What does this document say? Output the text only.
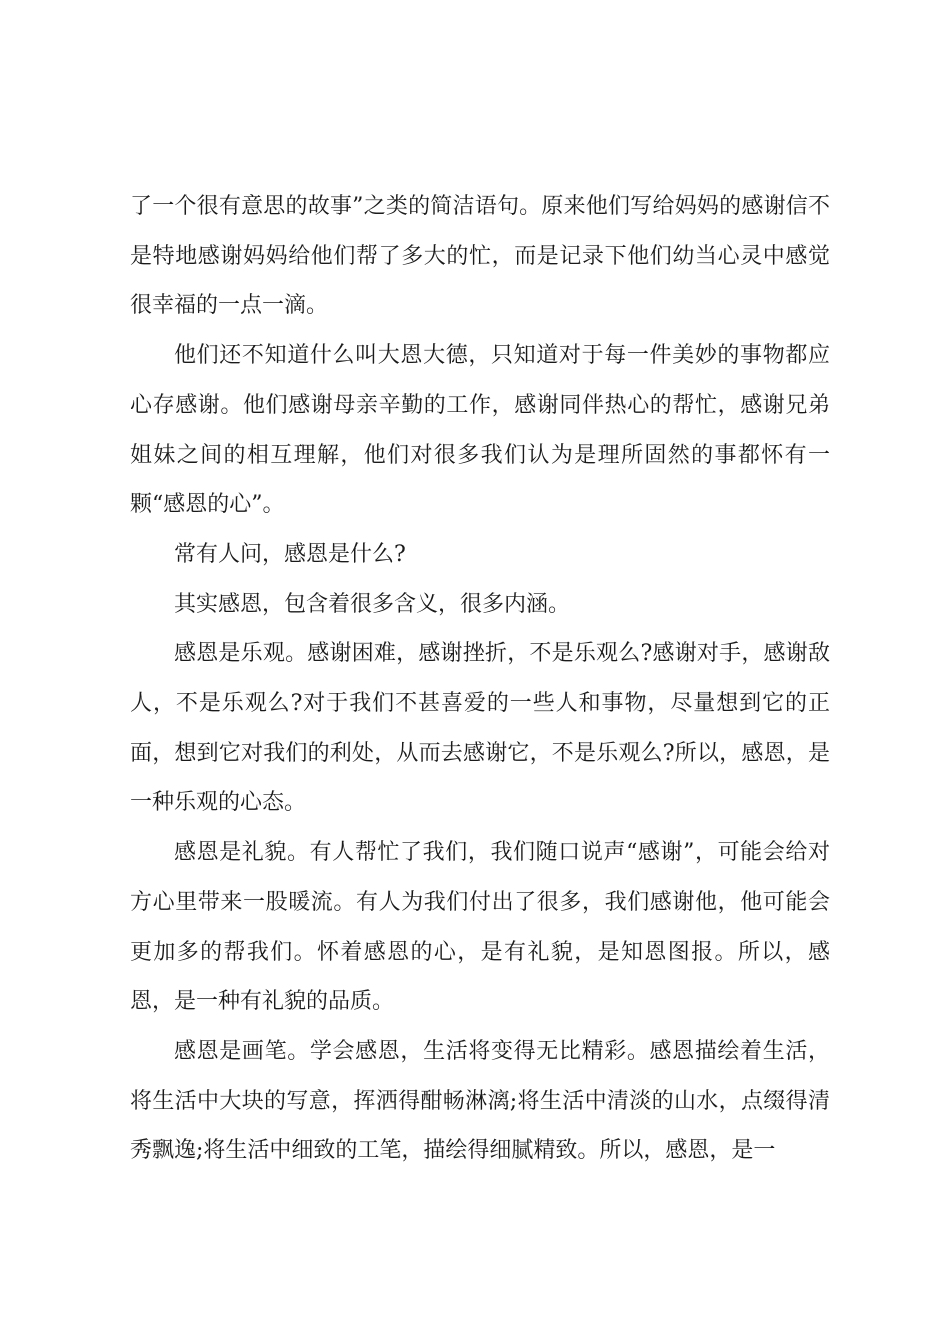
了一个很有意思的故事”之类的简洁语句。原来他们写给妈妈的感谢信不是特地感谢妈妈给他们帮了多大的忙，而是记录下他们幼当心灵中感觉很幸福的一点一滴。

他们还不知道什么叫大恩大德，只知道对于每一件美妙的事物都应心存感谢。他们感谢母亲辛勤的工作，感谢同伴热心的帮忙，感谢兄弟姐妹之间的相互理解，他们对很多我们认为是理所固然的事都怀有一颗“感恩的心”。

常有人问，感恩是什么?

其实感恩，包含着很多含义，很多内涵。

感恩是乐观。感谢困难，感谢挫折，不是乐观么?感谢对手，感谢敌人，不是乐观么?对于我们不甚喜爱的一些人和事物，尽量想到它的正面，想到它对我们的利处，从而去感谢它，不是乐观么?所以，感恩，是一种乐观的心态。

感恩是礼貌。有人帮忙了我们，我们随口说声“感谢”，可能会给对方心里带来一股暖流。有人为我们付出了很多，我们感谢他，他可能会更加多的帮我们。怀着感恩的心，是有礼貌，是知恩图报。所以，感恩，是一种有礼貌的品质。

感恩是画笔。学会感恩，生活将变得无比精彩。感恩描绘着生活，将生活中大块的写意，挥洒得酣畅淋漓;将生活中清淡的山水，点缀得清秀飘逸;将生活中细致的工笔，描绘得细腻精致。所以，感恩，是一
